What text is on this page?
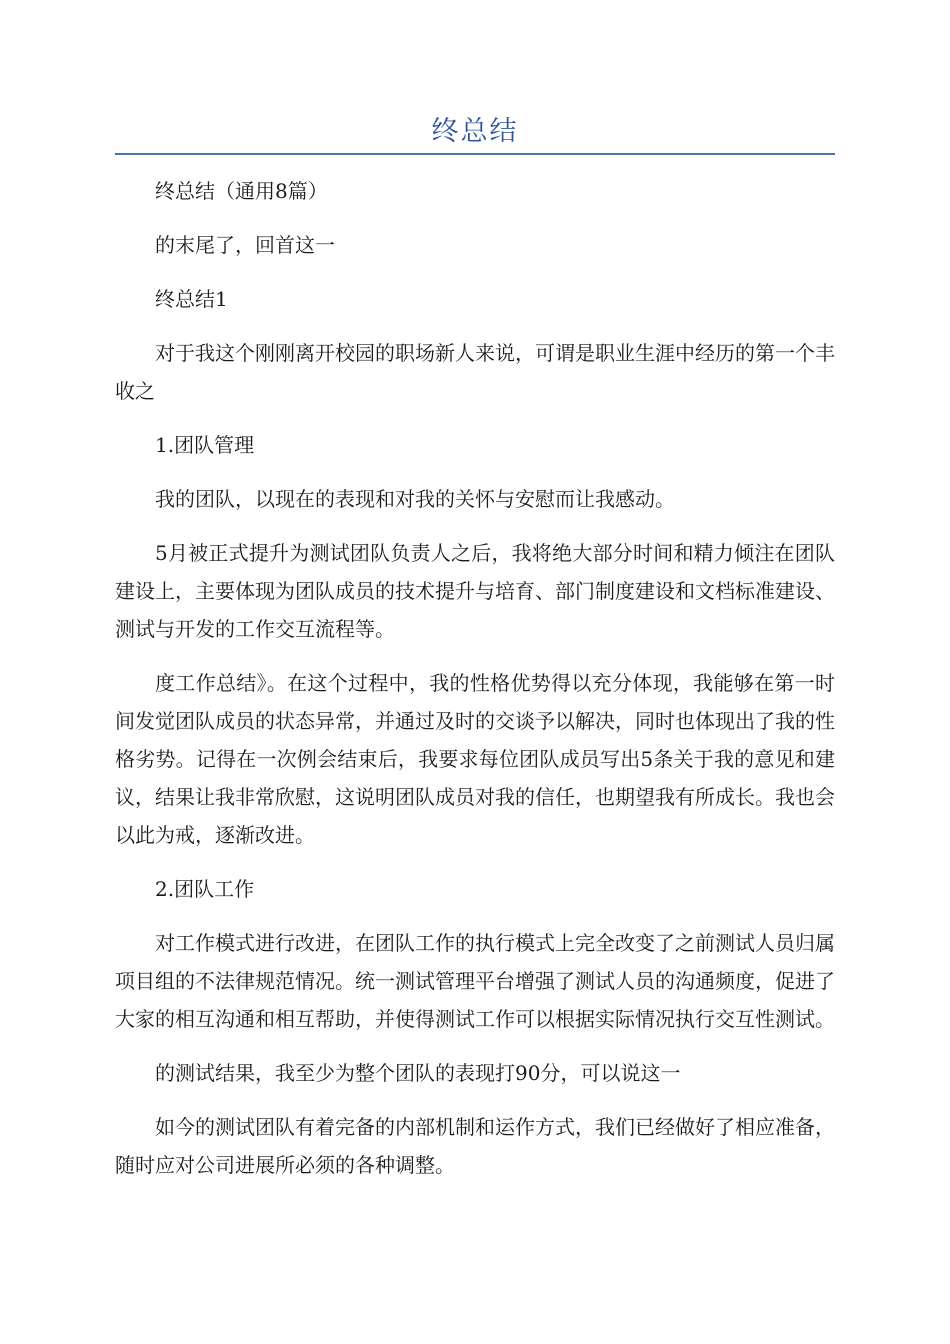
终总结

终总结（通用8篇）

的末尾了，回首这一

终总结1

对于我这个刚刚离开校园的职场新人来说，可谓是职业生涯中经历的第一个丰收之

1.团队管理

我的团队，以现在的表现和对我的关怀与安慰而让我感动。

5月被正式提升为测试团队负责人之后，我将绝大部分时间和精力倾注在团队建设上，主要体现为团队成员的技术提升与培育、部门制度建设和文档标准建设、测试与开发的工作交互流程等。

度工作总结》。在这个过程中，我的性格优势得以充分体现，我能够在第一时间发觉团队成员的状态异常，并通过及时的交谈予以解决，同时也体现出了我的性格劣势。记得在一次例会结束后，我要求每位团队成员写出5条关于我的意见和建议，结果让我非常欣慰，这说明团队成员对我的信任，也期望我有所成长。我也会以此为戒，逐渐改进。

2.团队工作

对工作模式进行改进，在团队工作的执行模式上完全改变了之前测试人员归属项目组的不法律规范情况。统一测试管理平台增强了测试人员的沟通频度，促进了大家的相互沟通和相互帮助，并使得测试工作可以根据实际情况执行交互性测试。

的测试结果，我至少为整个团队的表现打90分，可以说这一

如今的测试团队有着完备的内部机制和运作方式，我们已经做好了相应准备，随时应对公司进展所必须的各种调整。
